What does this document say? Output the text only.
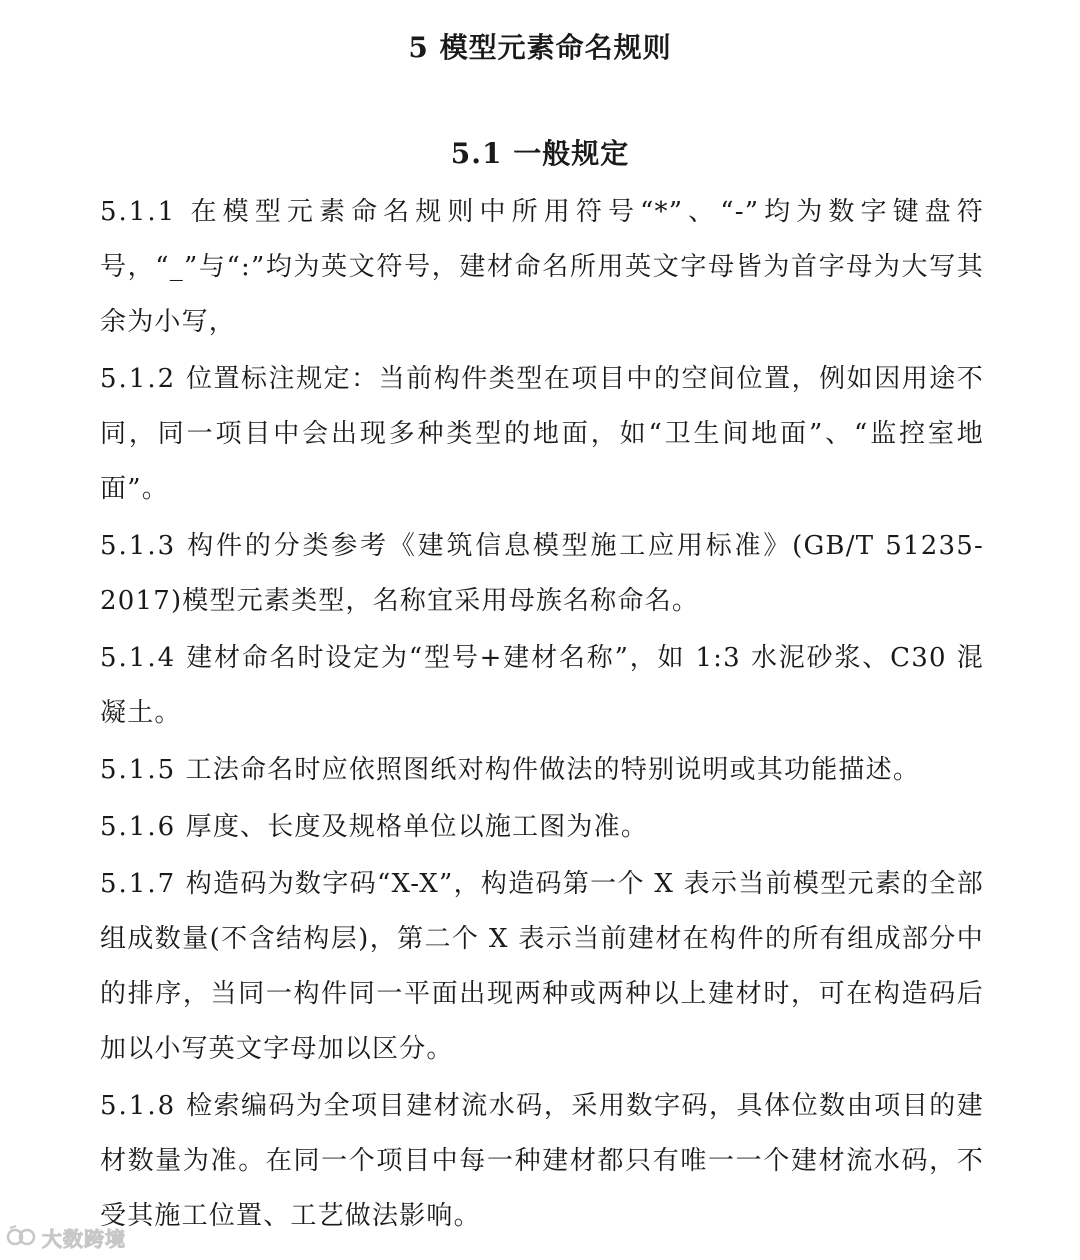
5 模型元素命名规则
5.1 一般规定

5.1.1 在模型元素命名规则中所用符号“*”、“-”均为数字键盘符号，“_”与“:”均为英文符号，建材命名所用英文字母皆为首字母为大写其余为小写，

5.1.2 位置标注规定：当前构件类型在项目中的空间位置，例如因用途不同，同一项目中会出现多种类型的地面，如“卫生间地面”、“监控室地面”。

5.1.3 构件的分类参考《建筑信息模型施工应用标准》(GB/T 51235-2017)模型元素类型，名称宜采用母族名称命名。

5.1.4 建材命名时设定为“型号+建材名称”，如 1:3 水泥砂浆、C30 混凝土。

5.1.5 工法命名时应依照图纸对构件做法的特别说明或其功能描述。

5.1.6 厚度、长度及规格单位以施工图为准。

5.1.7 构造码为数字码“X-X”，构造码第一个 X 表示当前模型元素的全部组成数量(不含结构层)，第二个 X 表示当前建材在构件的所有组成部分中的排序，当同一构件同一平面出现两种或两种以上建材时，可在构造码后加以小写英文字母加以区分。

5.1.8 检索编码为全项目建材流水码，采用数字码，具体位数由项目的建材数量为准。在同一个项目中每一种建材都只有唯一一个建材流水码，不受其施工位置、工艺做法影响。

大数跨境
